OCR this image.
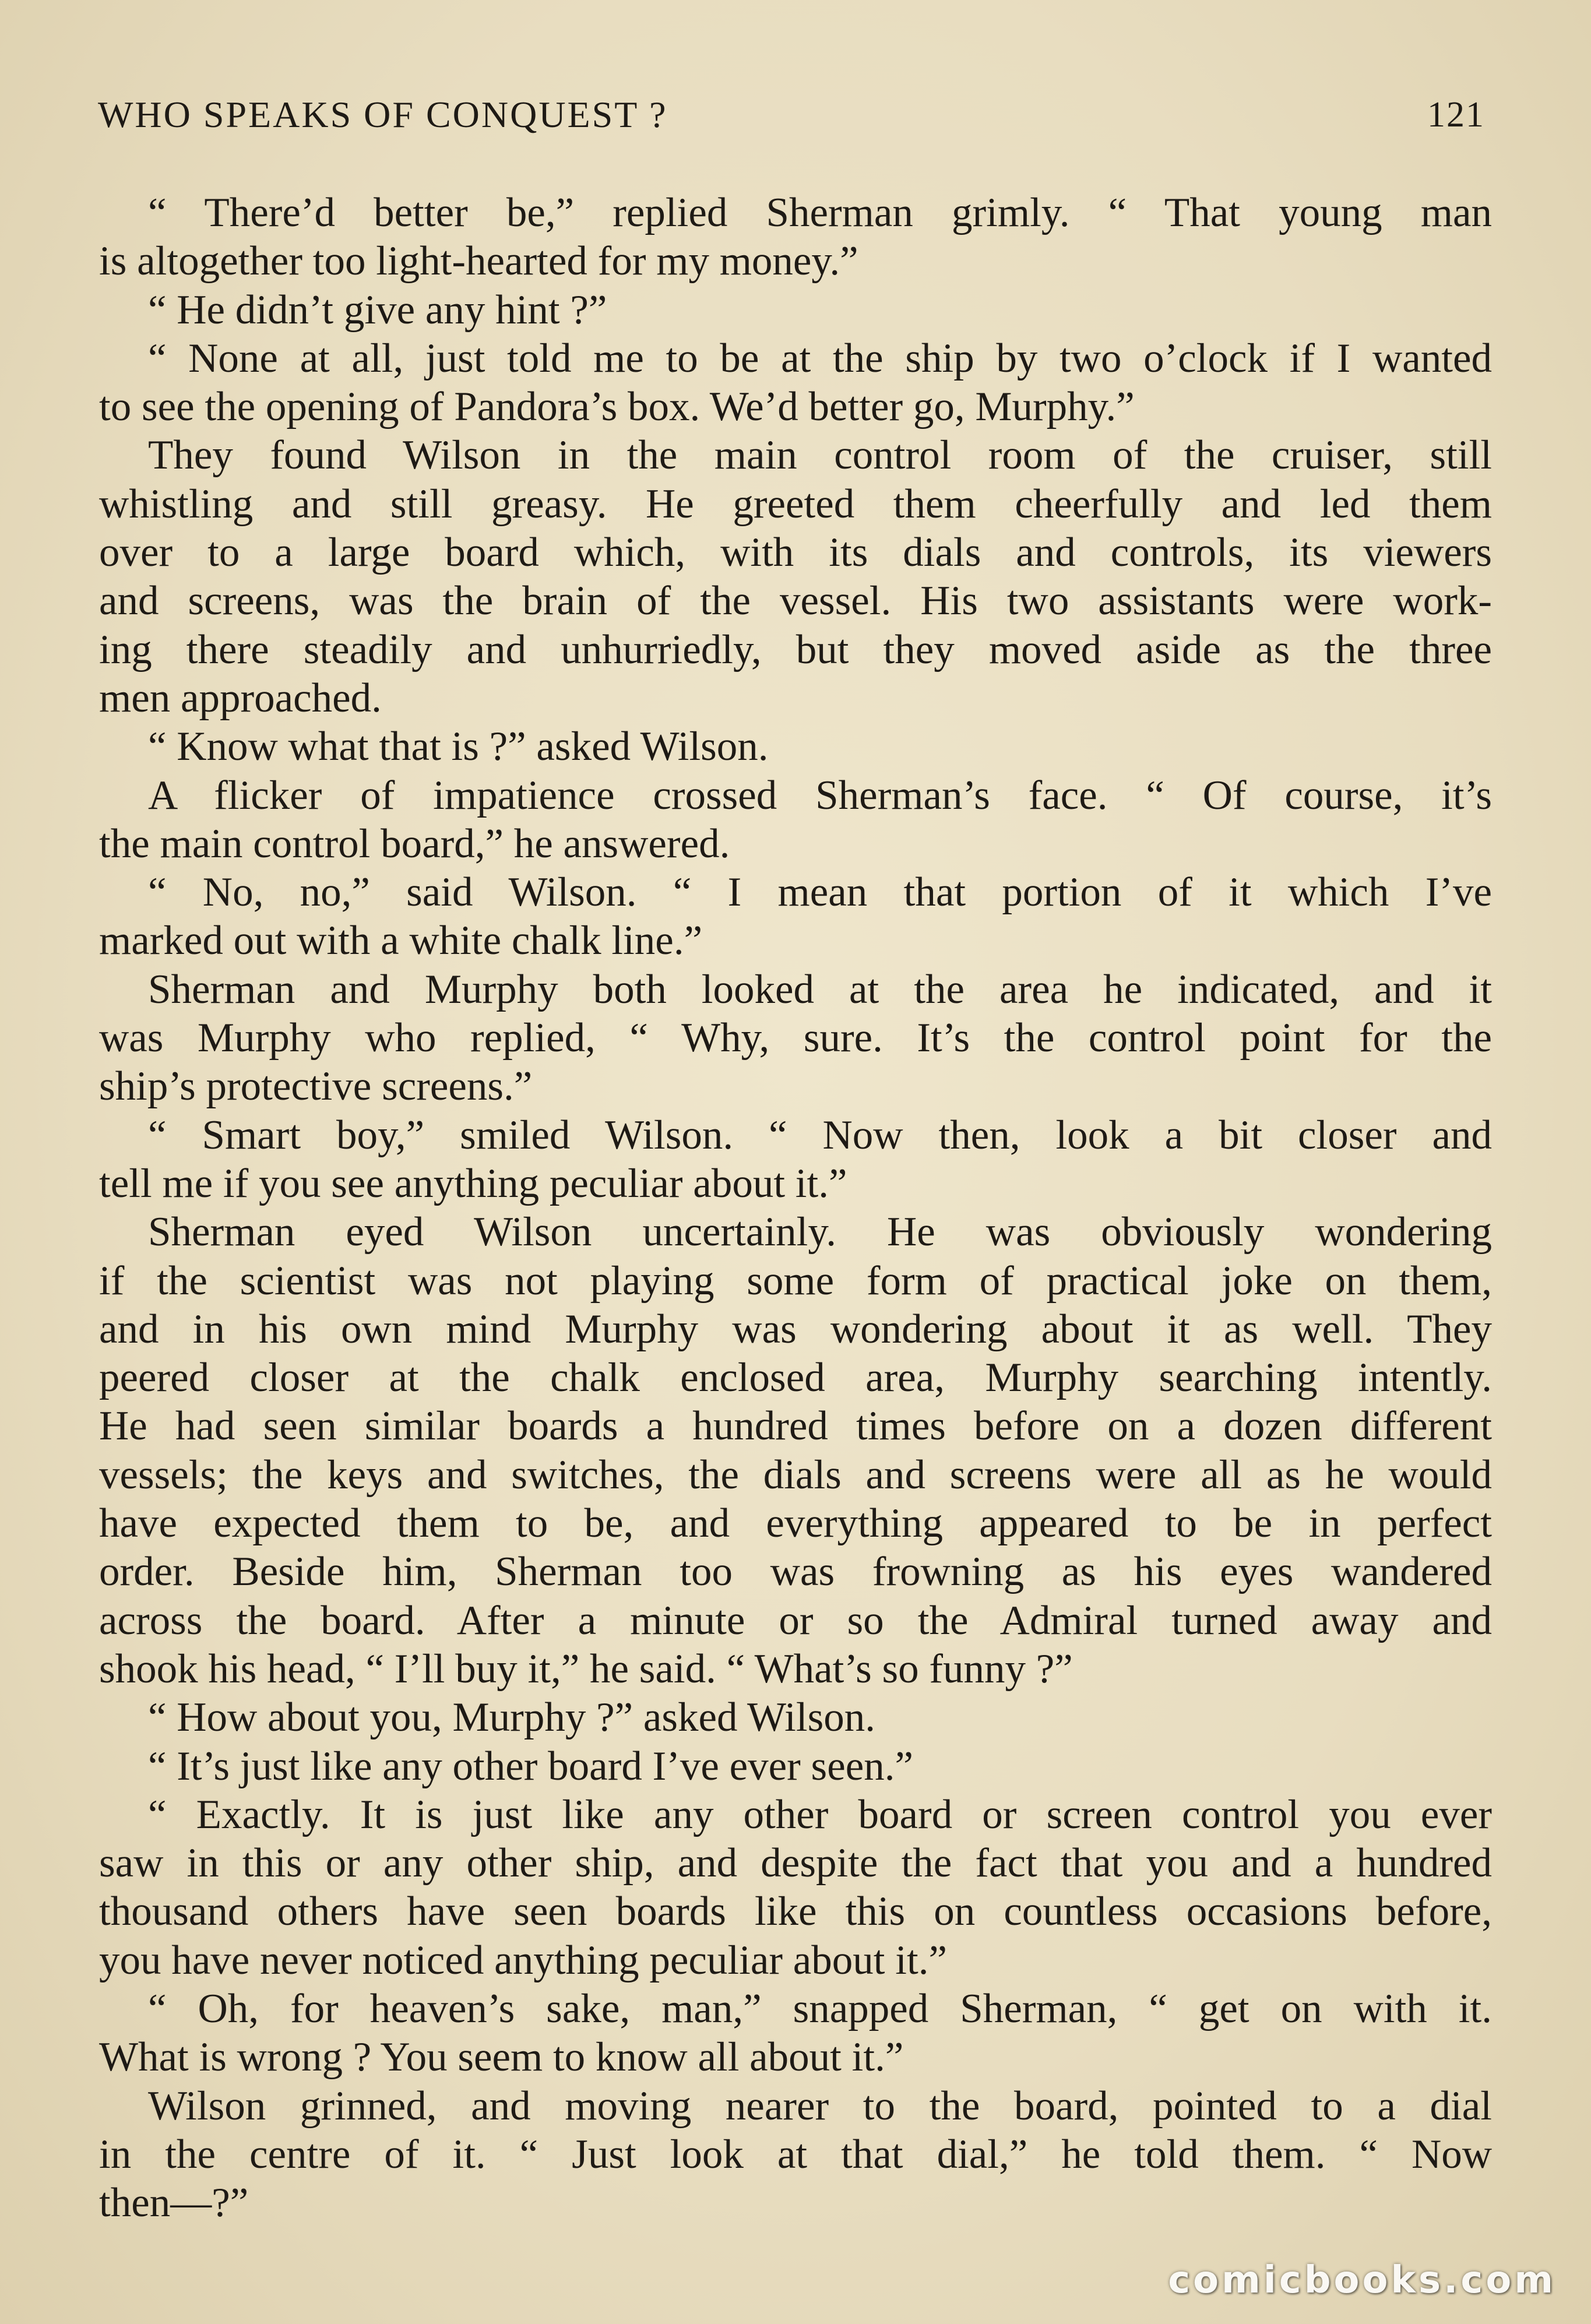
WHO SPEAKS OF CONQUEST ?	121
“ There’d better be,” replied Sherman grimly. “ That young man
is altogether too light-hearted for my money.”
“ He didn’t give any hint ?”
“ None at all, just told me to be at the ship by two o’clock if I wanted
to see the opening of Pandora’s box. We’d better go, Murphy.”
They found Wilson in the main control room of the cruiser, still
whistling and still greasy. He greeted them cheerfully and led them
over to a large board which, with its dials and controls, its viewers
and screens, was the brain of the vessel. His two assistants were work-
ing there steadily and unhurriedly, but they moved aside as the three
men approached.
“ Know what that is ?” asked Wilson.
A flicker of impatience crossed Sherman’s face. “ Of course, it’s
the main control board,” he answered.
“ No, no,” said Wilson. “ I mean that portion of it which I’ve
marked out with a white chalk line.”
Sherman and Murphy both looked at the area he indicated, and it
was Murphy who replied, “ Why, sure. It’s the control point for the
ship’s protective screens.”
“ Smart boy,” smiled Wilson. “ Now then, look a bit closer and
tell me if you see anything peculiar about it.”
Sherman eyed Wilson uncertainly. He was obviously wondering
if the scientist was not playing some form of practical joke on them,
and in his own mind Murphy was wondering about it as well. They
peered closer at the chalk enclosed area, Murphy searching intently.
He had seen similar boards a hundred times before on a dozen different
vessels; the keys and switches, the dials and screens were all as he would
have expected them to be, and everything appeared to be in perfect
order. Beside him, Sherman too was frowning as his eyes wandered
across the board. After a minute or so the Admiral turned away and
shook his head, “ I’ll buy it,” he said. “ What’s so funny ?”
“ How about you, Murphy ?” asked Wilson.
“ It’s just like any other board I’ve ever seen.”
“ Exactly. It is just like any other board or screen control you ever
saw in this or any other ship, and despite the fact that you and a hundred
thousand others have seen boards like this on countless occasions before,
you have never noticed anything peculiar about it.”
“ Oh, for heaven’s sake, man,” snapped Sherman, “ get on with it.
What is wrong ? You seem to know all about it.”
Wilson grinned, and moving nearer to the board, pointed to a dial
in the centre of it. “ Just look at that dial,” he told them. “ Now
then—?”
comicbooks.com
